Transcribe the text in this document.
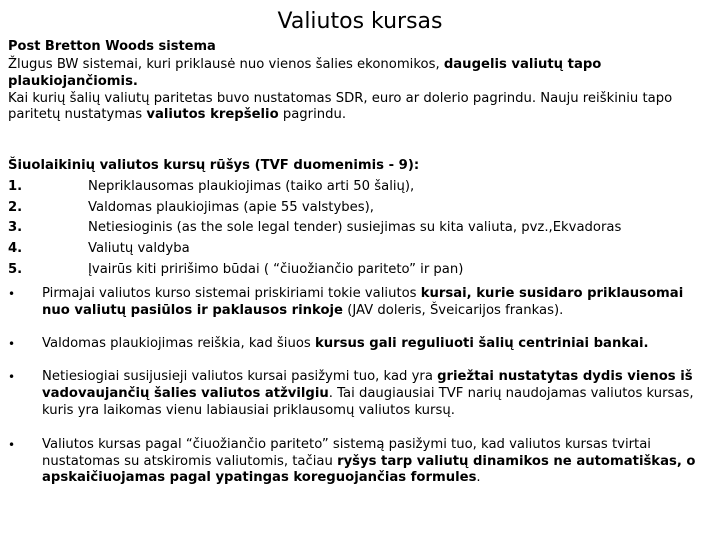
Valiutos kursas
Post Bretton Woods sistema

Žlugus BW sistemai, kuri priklausė nuo vienos šalies ekonomikos, daugelis valiutų tapo plaukiojančiomis.

Kai kurių šalių valiutų paritetas buvo nustatomas SDR, euro ar dolerio pagrindu. Nauju reiškiniu tapo paritetų nustatymas valiutos krepšelio pagrindu.

Šiuolaikinių valiutos kursų rūšys (TVF duomenimis - 9):
1.	Nepriklausomas plaukiojimas (taiko arti 50 šalių),
2.	Valdomas plaukiojimas (apie 55 valstybes),
3.	Netiesioginis (as the sole legal tender) susiejimas su kita valiuta, pvz.,Ekvadoras
4.	Valiutų valdyba
5.	Įvairūs kiti pririšimo būdai ( “čiuožiančio pariteto” ir pan)
•	Pirmajai valiutos kurso sistemai priskiriami tokie valiutos kursai, kurie susidaro priklausomai nuo valiutų pasiūlos ir paklausos rinkoje (JAV doleris, Šveicarijos frankas).
•	Valdomas plaukiojimas reiškia, kad šiuos kursus gali reguliuoti šalių centriniai bankai.
•	Netiesiogiai susijusieji valiutos kursai pasižymi tuo, kad yra griežtai nustatytas dydis vienos iš vadovaujančių šalies valiutos atžvilgiu. Tai daugiausiai TVF narių naudojamas valiutos kursas, kuris yra laikomas vienu labiausiai priklausomų valiutos kursų.
•	Valiutos kursas pagal “čiuožiančio pariteto” sistemą pasižymi tuo, kad valiutos kursas tvirtai nustatomas su atskiromis valiutomis, tačiau ryšys tarp valiutų dinamikos ne automatiškas, o apskaičiuojamas pagal ypatingas koreguojančias formules.
